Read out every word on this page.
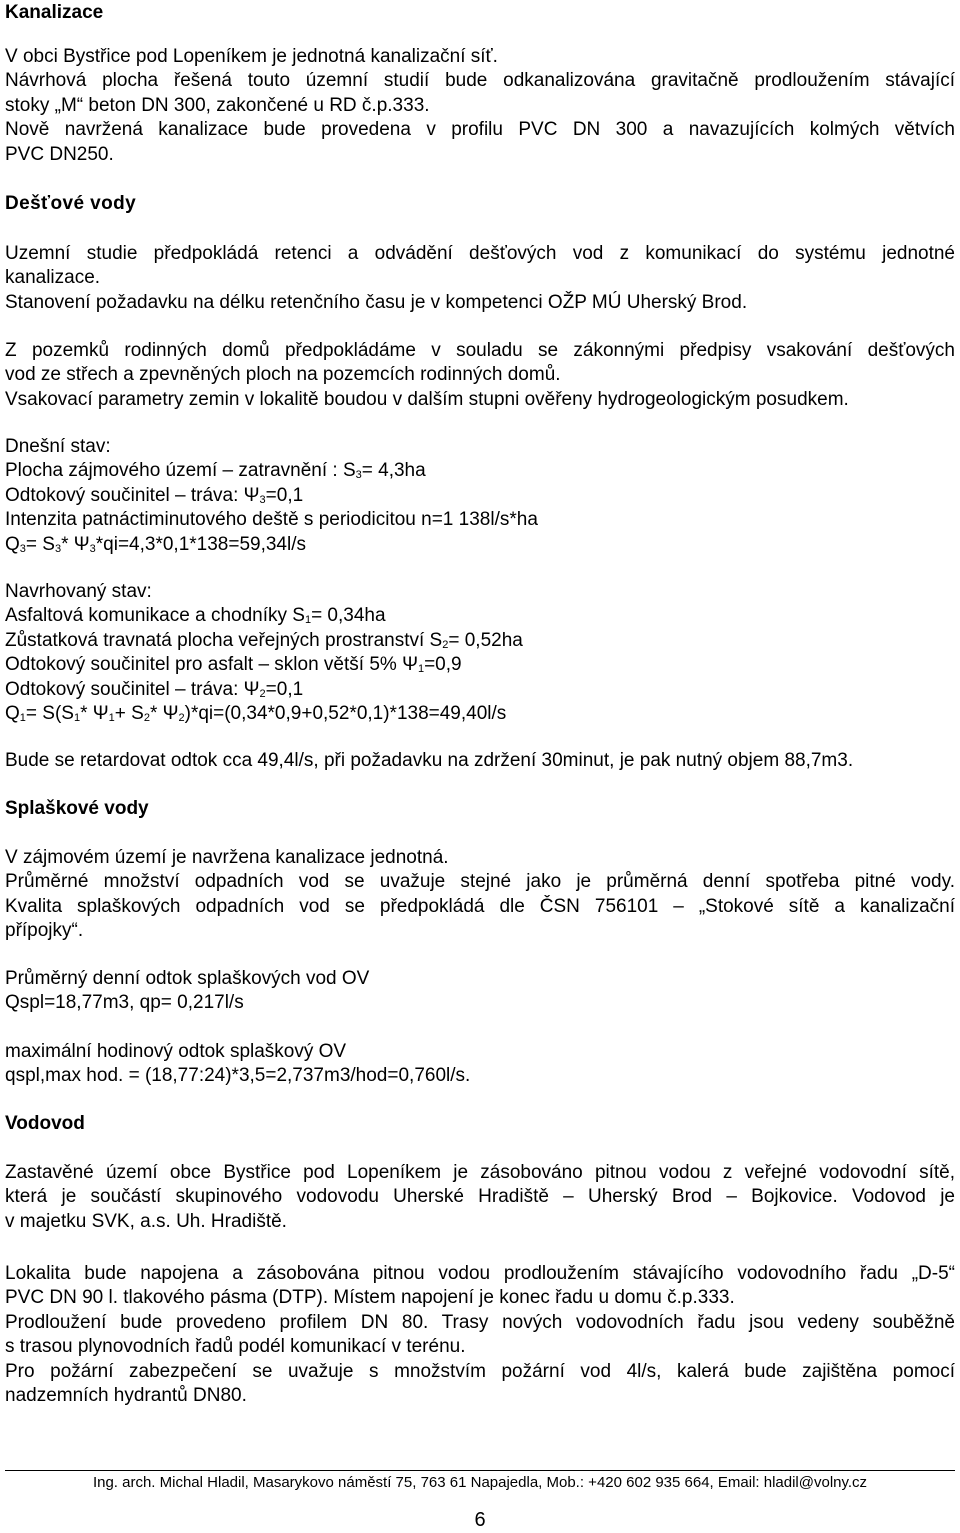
Kanalizace
V obci Bystřice pod Lopeníkem je jednotná kanalizační síť.
Návrhová plocha řešená touto územní studií bude odkanalizována gravitačně prodloužením stávající
stoky „M“ beton DN 300, zakončené u RD č.p.333.
Nově navržená kanalizace bude provedena v profilu PVC DN 300 a navazujících kolmých větvích
PVC DN250.
Dešťové vody
Uzemní studie předpokládá retenci a odvádění dešťových vod z komunikací do systému jednotné
kanalizace.
Stanovení požadavku na délku retenčního času je v kompetenci OŽP MÚ Uherský Brod.
Z pozemků rodinných domů předpokládáme v souladu se zákonnými předpisy vsakování dešťových
vod ze střech a zpevněných ploch na pozemcích rodinných domů.
Vsakovací parametry zemin v lokalitě boudou v dalším stupni ověřeny hydrogeologickým posudkem.
Dnešní stav:
Plocha zájmového území – zatravnění : $S_3= 4,3ha$
Odtokový součinitel – tráva: $\Psi_3=0,1$
Intenzita patnáctiminutového deště s periodicitou n=1 138l/s*ha
$Q_3= S_3*$ $\Psi_3*qi=4,3*0,1*138=59,34l/s$
Navrhovaný stav:
Asfaltová komunikace a chodníky $S_1= 0,34ha$
Zůstatková travnatá plocha veřejných prostranství $S_2= 0,52ha$
Odtokový součinitel pro asfalt – sklon větší 5% $\Psi_1=0,9$
Odtokový součinitel – tráva: $\Psi_2=0,1$
$Q_1= S(S_1*$ $\Psi_1+ S_2*$ $\Psi_2)*qi=(0,34*0,9+0,52*0,1)*138=49,40l/s$
Bude se retardovat odtok cca 49,4l/s, při požadavku na zdržení 30minut, je pak nutný objem 88,7m3.
Splaškové vody
V zájmovém území je navržena kanalizace jednotná.
Průměrné množství odpadních vod se uvažuje stejné jako je průměrná denní spotřeba pitné vody.
Kvalita splaškových odpadních vod se předpokládá dle ČSN 756101 – „Stokové sítě a kanalizační
přípojky“.
Průměrný denní odtok splaškových vod OV
Qspl=18,77m3, qp= 0,217l/s
maximální hodinový odtok splaškový OV
qspl,max hod. = (18,77:24)*3,5=2,737m3/hod=0,760l/s.
Vodovod
Zastavěné území obce Bystřice pod Lopeníkem je zásobováno pitnou vodou z veřejné vodovodní sítě,
která je součástí skupinového vodovodu Uherské Hradiště – Uherský Brod – Bojkovice. Vodovod je
v majetku SVK, a.s. Uh. Hradiště.
Lokalita bude napojena a zásobována pitnou vodou prodloužením stávajícího vodovodního řadu „D-5“
PVC DN 90 l. tlakového pásma (DTP). Místem napojení je konec řadu u domu č.p.333.
Prodloužení bude provedeno profilem DN 80. Trasy nových vodovodních řadu jsou vedeny souběžně
s trasou plynovodních řadů podél komunikací v terénu.
Pro požární zabezpečení se uvažuje s množstvím požární vod 4l/s, kalerá bude zajištěna pomocí
nadzemních hydrantů DN80.
Ing. arch. Michal Hladil, Masarykovo náměstí 75, 763 61 Napajedla, Mob.: +420 602 935 664, Email: hladil@volny.cz
6
